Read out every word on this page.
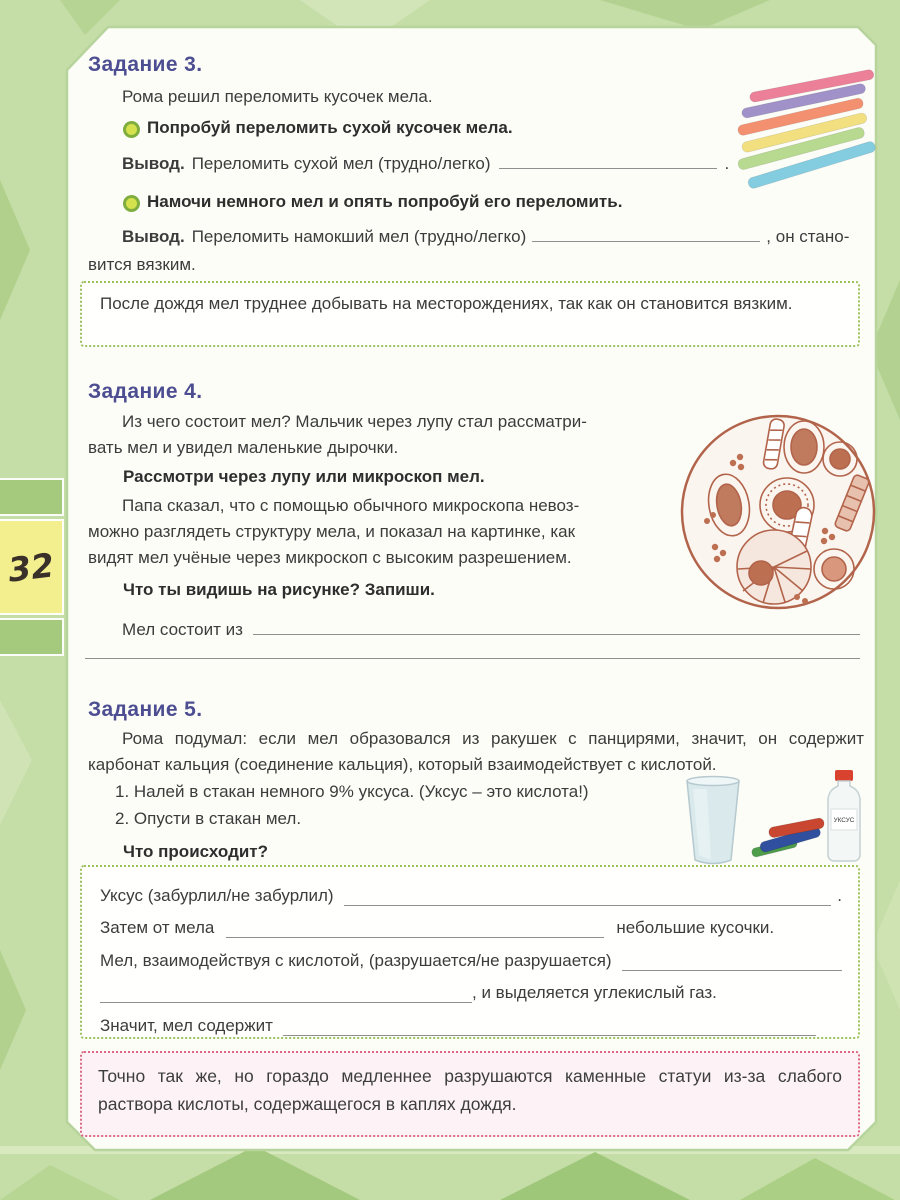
32
Задание 3.
Рома решил переломить кусочек мела.
Попробуй переломить сухой кусочек мела.
Вывод. Переломить сухой мел (трудно/легко)	.
Намочи немного мел и опять попробуй его переломить.
Вывод. Переломить намокший мел (трудно/легко)	, он стано-
вится вязким.
После дождя мел труднее добывать на месторождениях, так как он становится вязким.
Задание 4.
Из чего состоит мел? Мальчик через лупу стал рассматри-
вать мел и увидел маленькие дырочки.
Рассмотри через лупу или микроскоп мел.
Папа сказал, что с помощью обычного микроскопа невоз-
можно разглядеть структуру мела, и показал на картинке, как
видят мел учёные через микроскоп с высоким разрешением.
Что ты видишь на рисунке? Запиши.
Мел состоит из
Задание 5.
Рома подумал: если мел образовался из ракушек с панцирями, значит, он содержит карбонат кальция (соединение кальция), который взаимодействует с кислотой.
1. Налей в стакан немного 9% уксуса. (Уксус – это кислота!)
2. Опусти в стакан мел.
Что происходит?
УКСУС
Уксус (забурлил/не забурлил)	.
Затем от мела	небольшие кусочки.
Мел, взаимодействуя с кислотой, (разрушается/не разрушается)
, и выделяется углекислый газ.
Значит, мел содержит
Точно так же, но гораздо медленнее разрушаются каменные статуи из-за слабого раствора кислоты, содержащегося в каплях дождя.
